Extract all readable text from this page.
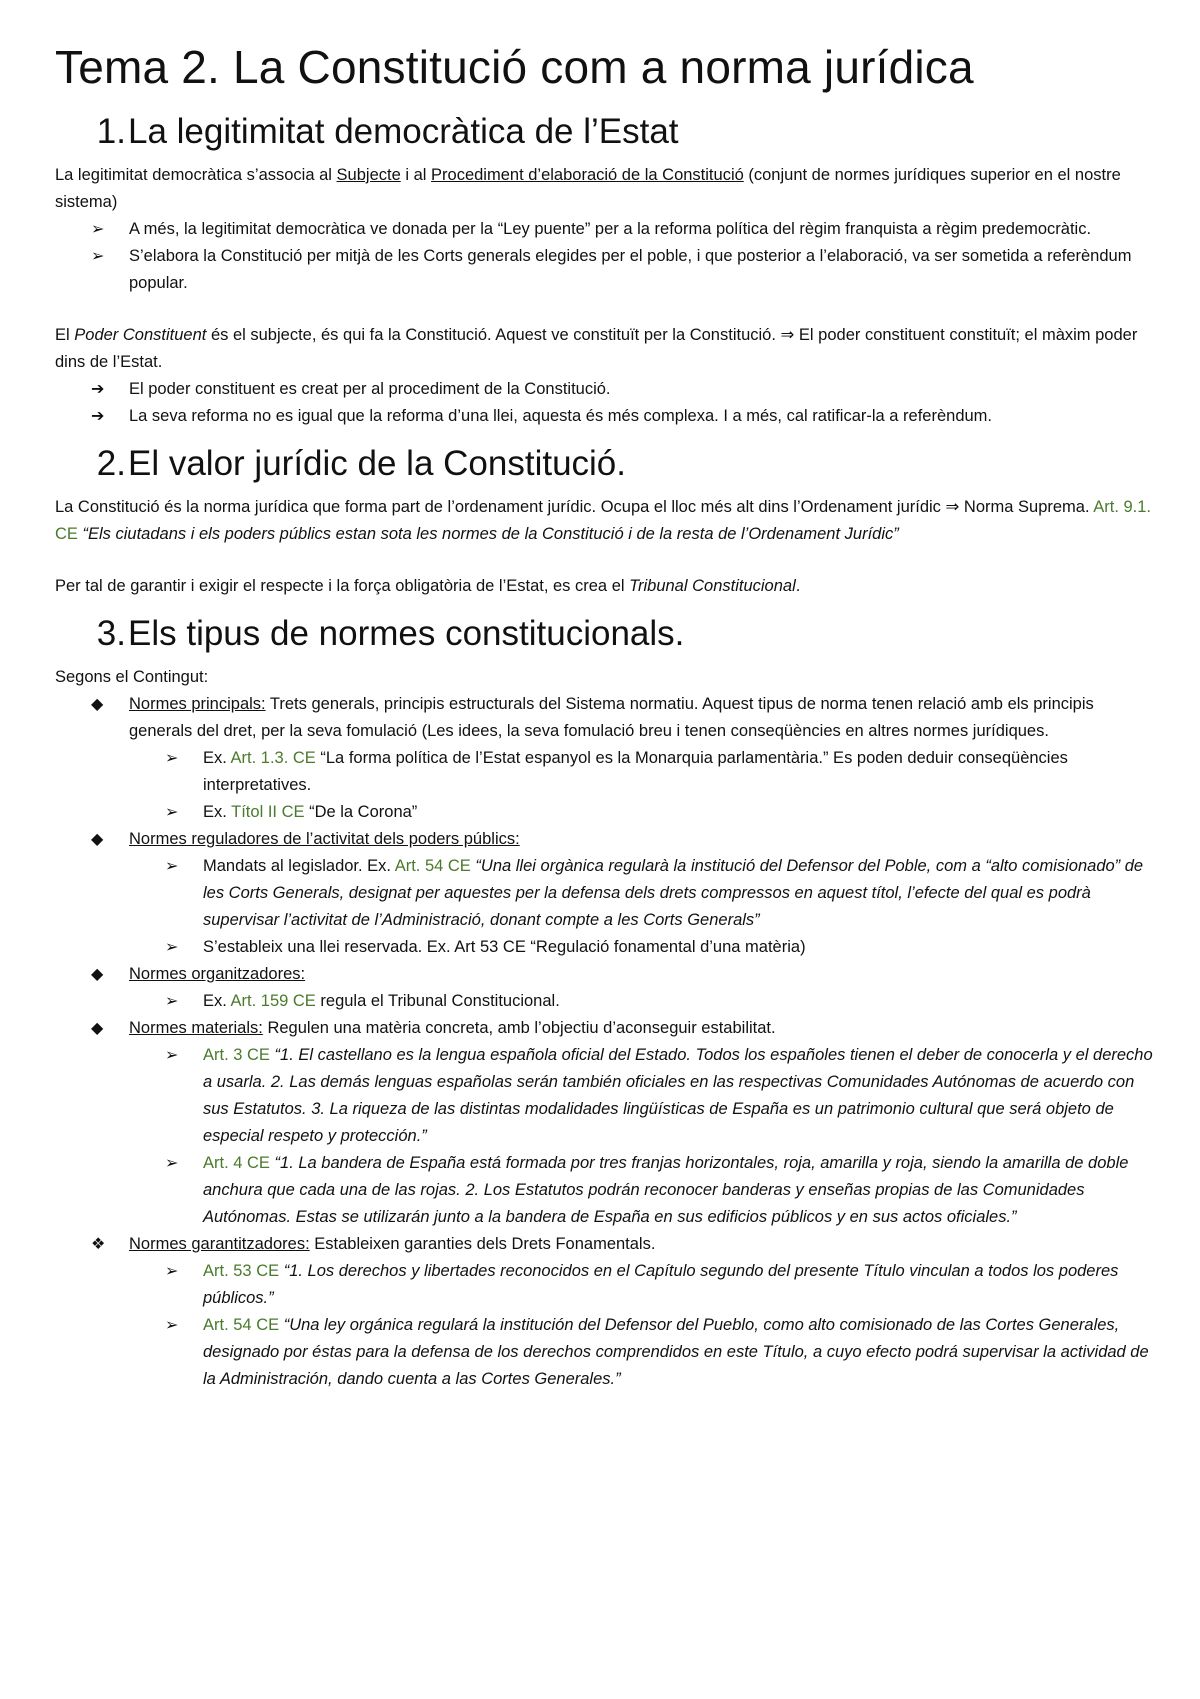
Tema 2. La Constitució com a norma jurídica
1. La legitimitat democràtica de l’Estat

La legitimitat democràtica s’associa al Subjecte i al Procediment d’elaboració de la Constitució (conjunt de normes jurídiques superior en el nostre sistema)

➢	A més, la legitimitat democràtica ve donada per la “Ley puente” per a la reforma política del règim franquista a règim predemocràtic.
➢	S’elabora la Constitució per mitjà de les Corts generals elegides per el poble, i que posterior a l’elaboració, va ser sometida a referèndum popular.

El Poder Constituent és el subjecte, és qui fa la Constitució. Aquest ve constituït per la Constitució. ⇒ El poder constituent constituït; el màxim poder dins de l’Estat.

➔	El poder constituent es creat per al procediment de la Constitució.
➔	La seva reforma no es igual que la reforma d’una llei, aquesta és més complexa. I a més, cal ratificar-la a referèndum.
2. El valor jurídic de la Constitució.

La Constitució és la norma jurídica que forma part de l’ordenament jurídic. Ocupa el lloc més alt dins l’Ordenament jurídic ⇒ Norma Suprema. Art. 9.1. CE “Els ciutadans i els poders públics estan sota les normes de la Constitució i de la resta de l’Ordenament Jurídic”

Per tal de garantir i exigir el respecte i la força obligatòria de l’Estat, es crea el Tribunal Constitucional.

3. Els tipus de normes constitucionals.

Segons el Contingut:

◆	Normes principals: Trets generals, principis estructurals del Sistema normatiu. Aquest tipus de norma tenen relació amb els principis generals del dret, per la seva fomulació (Les idees, la seva fomulació breu i tenen conseqüències en altres normes jurídiques.
➢	Ex. Art. 1.3. CE “La forma política de l’Estat espanyol es la Monarquia parlamentària.” Es poden deduir conseqüències interpretatives.
➢	Ex. Títol II CE “De la Corona”
◆	Normes reguladores de l’activitat dels poders públics:
➢	Mandats al legislador. Ex. Art. 54 CE “Una llei orgànica regularà la institució del Defensor del Poble, com a “alto comisionado” de les Corts Generals, designat per aquestes per la defensa dels drets compressos en aquest títol, l’efecte del qual es podrà supervisar l’activitat de l’Administració, donant compte a les Corts Generals”
➢	S’estableix una llei reservada. Ex. Art 53 CE “Regulació fonamental d’una matèria)
◆	Normes organitzadores:
➢	Ex. Art. 159 CE regula el Tribunal Constitucional.
◆	Normes materials: Regulen una matèria concreta, amb l’objectiu d’aconseguir estabilitat.
➢	Art. 3 CE “1. El castellano es la lengua española oficial del Estado. Todos los españoles tienen el deber de conocerla y el derecho a usarla. 2. Las demás lenguas españolas serán también oficiales en las respectivas Comunidades Autónomas de acuerdo con sus Estatutos. 3. La riqueza de las distintas modalidades lingüísticas de España es un patrimonio cultural que será objeto de especial respeto y protección.”
➢	Art. 4 CE “1. La bandera de España está formada por tres franjas horizontales, roja, amarilla y roja, siendo la amarilla de doble anchura que cada una de las rojas. 2. Los Estatutos podrán reconocer banderas y enseñas propias de las Comunidades Autónomas. Estas se utilizarán junto a la bandera de España en sus edificios públicos y en sus actos oficiales.”
❖	Normes garantitzadores: Estableixen garanties dels Drets Fonamentals.
➢	Art. 53 CE “1. Los derechos y libertades reconocidos en el Capítulo segundo del presente Título vinculan a todos los poderes públicos.”
➢	Art. 54 CE “Una ley orgánica regulará la institución del Defensor del Pueblo, como alto comisionado de las Cortes Generales, designado por éstas para la defensa de los derechos comprendidos en este Título, a cuyo efecto podrá supervisar la actividad de la Administración, dando cuenta a las Cortes Generales.”
